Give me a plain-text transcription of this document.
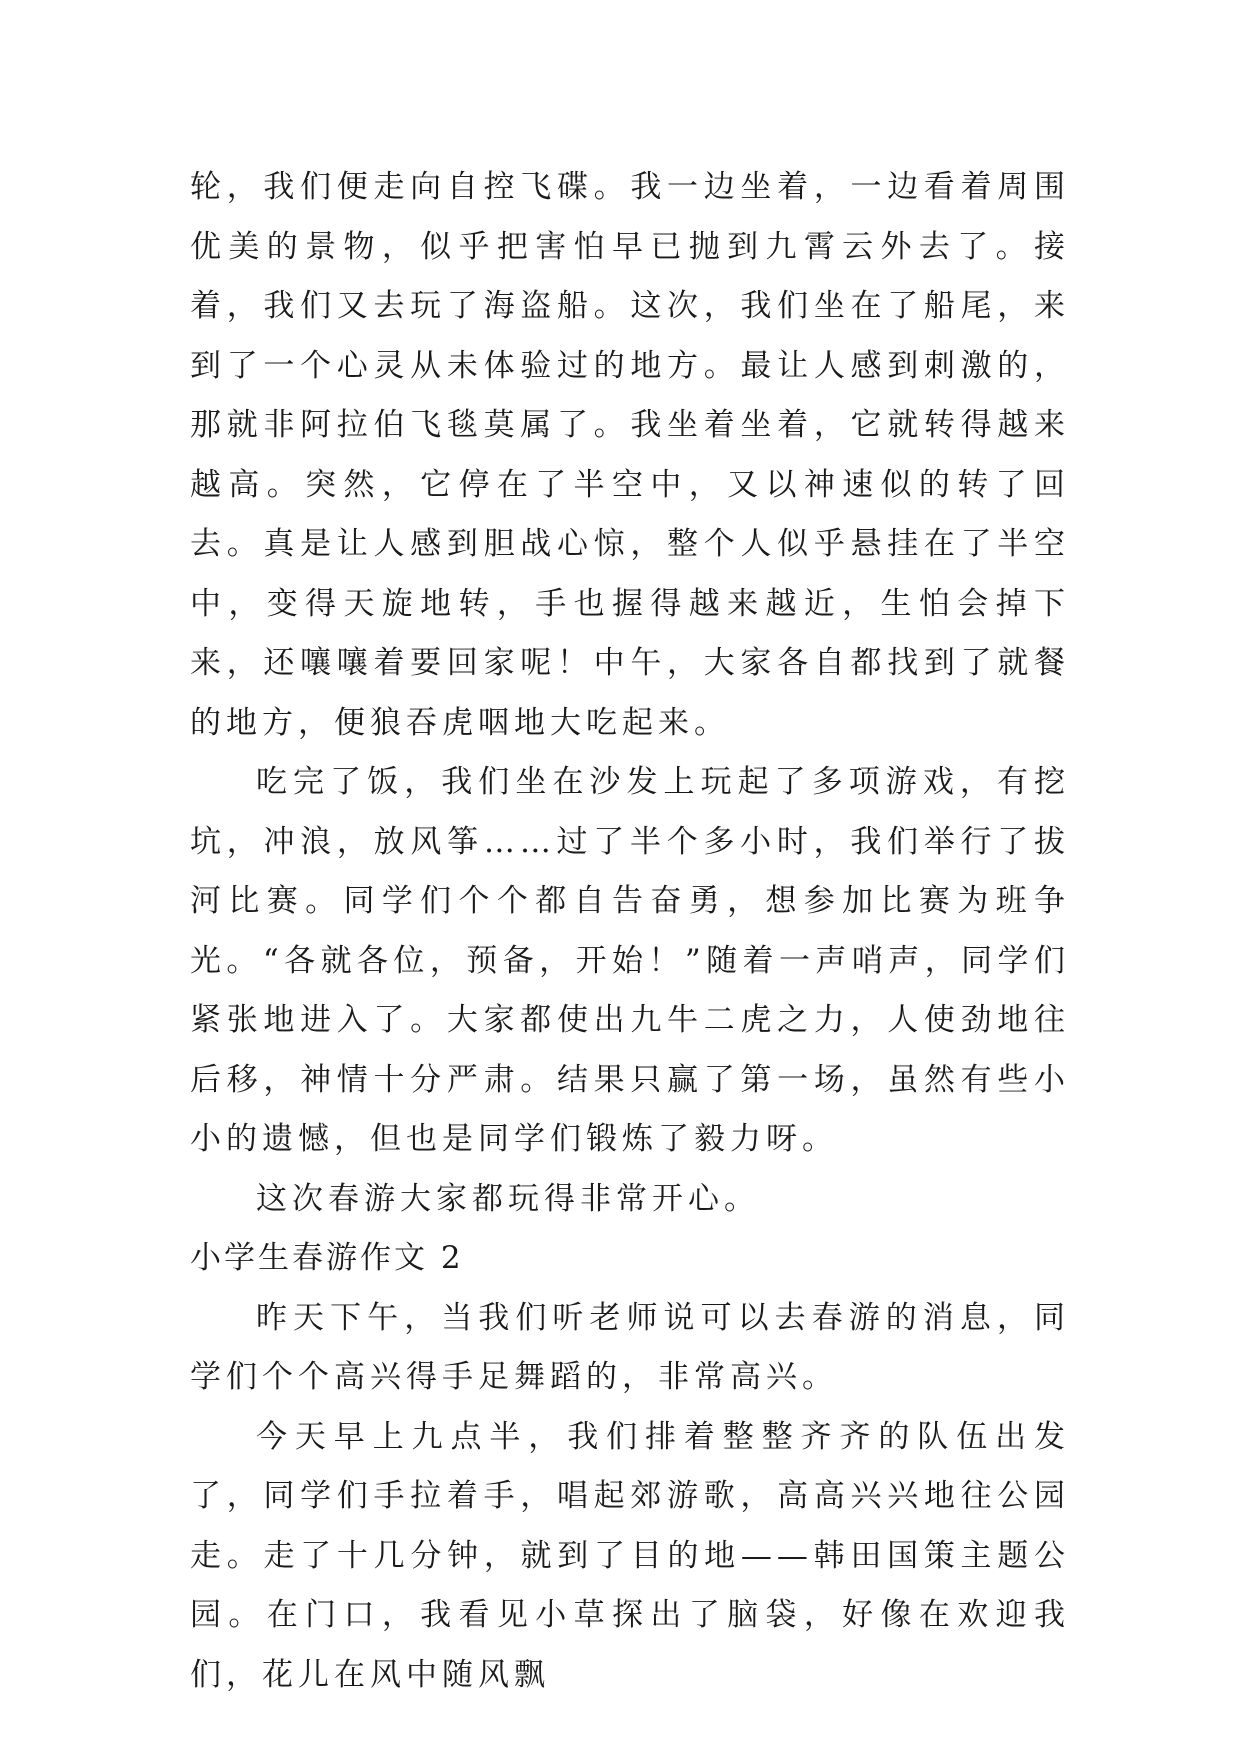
轮，我们便走向自控飞碟。我一边坐着，一边看着周围优美的景物，似乎把害怕早已抛到九霄云外去了。接着，我们又去玩了海盗船。这次，我们坐在了船尾，来到了一个心灵从未体验过的地方。最让人感到刺激的，那就非阿拉伯飞毯莫属了。我坐着坐着，它就转得越来越高。突然，它停在了半空中，又以神速似的转了回去。真是让人感到胆战心惊，整个人似乎悬挂在了半空中，变得天旋地转，手也握得越来越近，生怕会掉下来，还嚷嚷着要回家呢！中午，大家各自都找到了就餐的地方，便狼吞虎咽地大吃起来。

吃完了饭，我们坐在沙发上玩起了多项游戏，有挖坑，冲浪，放风筝……过了半个多小时，我们举行了拔河比赛。同学们个个都自告奋勇，想参加比赛为班争光。“各就各位，预备，开始！”随着一声哨声，同学们紧张地进入了。大家都使出九牛二虎之力，人使劲地往后移，神情十分严肃。结果只赢了第一场，虽然有些小小的遗憾，但也是同学们锻炼了毅力呀。

这次春游大家都玩得非常开心。

小学生春游作文 2

昨天下午，当我们听老师说可以去春游的消息，同学们个个高兴得手足舞蹈的，非常高兴。

今天早上九点半，我们排着整整齐齐的队伍出发了，同学们手拉着手，唱起郊游歌，高高兴兴地往公园走。走了十几分钟，就到了目的地——韩田国策主题公园。在门口，我看见小草探出了脑袋，好像在欢迎我们，花儿在风中随风飘
